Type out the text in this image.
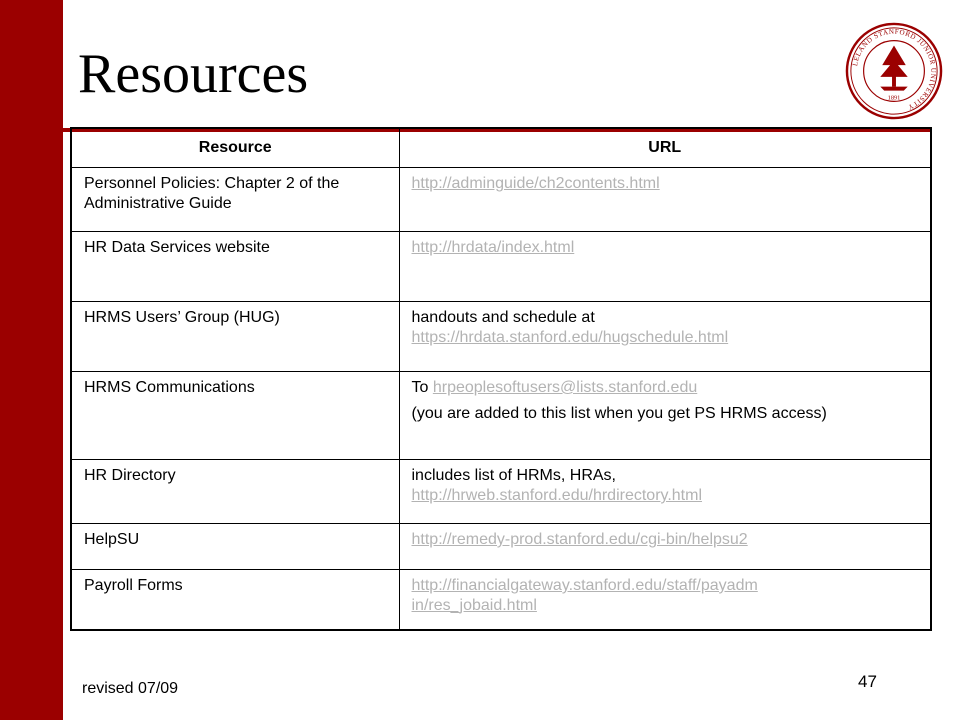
Resources	LELAND STANFORD JUNIOR UNIVERSITY
1891
Resource	URL
Personnel Policies: Chapter 2 of the Administrative Guide	http://adminguide/ch2contents.html
HR Data Services website	http://hrdata/index.html
HRMS Users’ Group (HUG)	handouts and schedule at
https://hrdata.stanford.edu/hugschedule.html
HRMS Communications	To hrpeoplesoftusers@lists.stanford.edu
(you are added to this list when you get PS HRMS access)

HR Directory	includes list of HRMs, HRAs,
http://hrweb.stanford.edu/hrdirectory.html
HelpSU	http://remedy-prod.stanford.edu/cgi-bin/helpsu2
Payroll Forms	http://financialgateway.stanford.edu/staff/payadm
in/res_jobaid.html
revised 07/09	47
